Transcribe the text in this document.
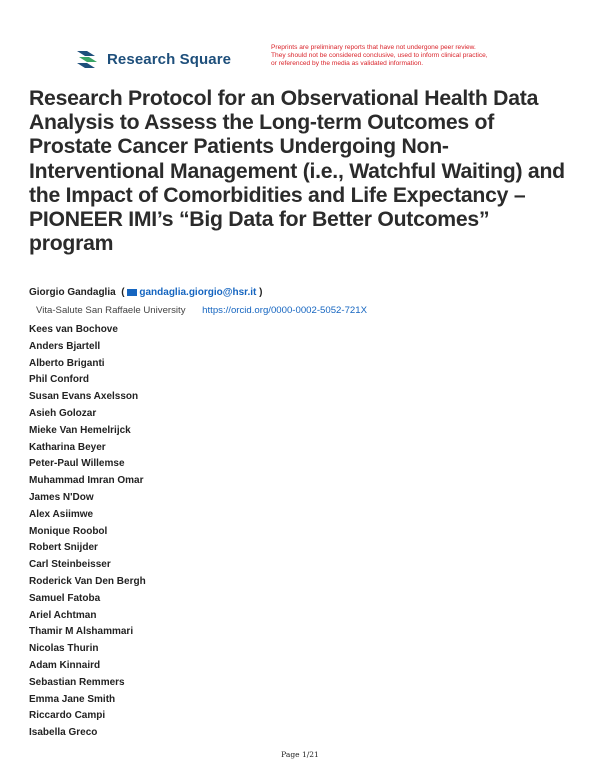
Research Square
Preprints are preliminary reports that have not undergone peer review.
They should not be considered conclusive, used to inform clinical practice,
or referenced by the media as validated information.
Research Protocol for an Observational Health Data Analysis to Assess the Long-term Outcomes of Prostate Cancer Patients Undergoing Non-Interventional Management (i.e., Watchful Waiting) and the Impact of Comorbidities and Life Expectancy – PIONEER IMI’s “Big Data for Better Outcomes” program
Giorgio Gandaglia ( gandaglia.giorgio@hsr.it )
Vita-Salute San Raffaele University https://orcid.org/0000-0002-5052-721X
Kees van Bochove
Anders Bjartell
Alberto Briganti
Phil Conford
Susan Evans Axelsson
Asieh Golozar
Mieke Van Hemelrijck
Katharina Beyer
Peter-Paul Willemse
Muhammad Imran Omar
James N'Dow
Alex Asiimwe
Monique Roobol
Robert Snijder
Carl Steinbeisser
Roderick Van Den Bergh
Samuel Fatoba
Ariel Achtman
Thamir M Alshammari
Nicolas Thurin
Adam Kinnaird
Sebastian Remmers
Emma Jane Smith
Riccardo Campi
Isabella Greco
Page 1/21
